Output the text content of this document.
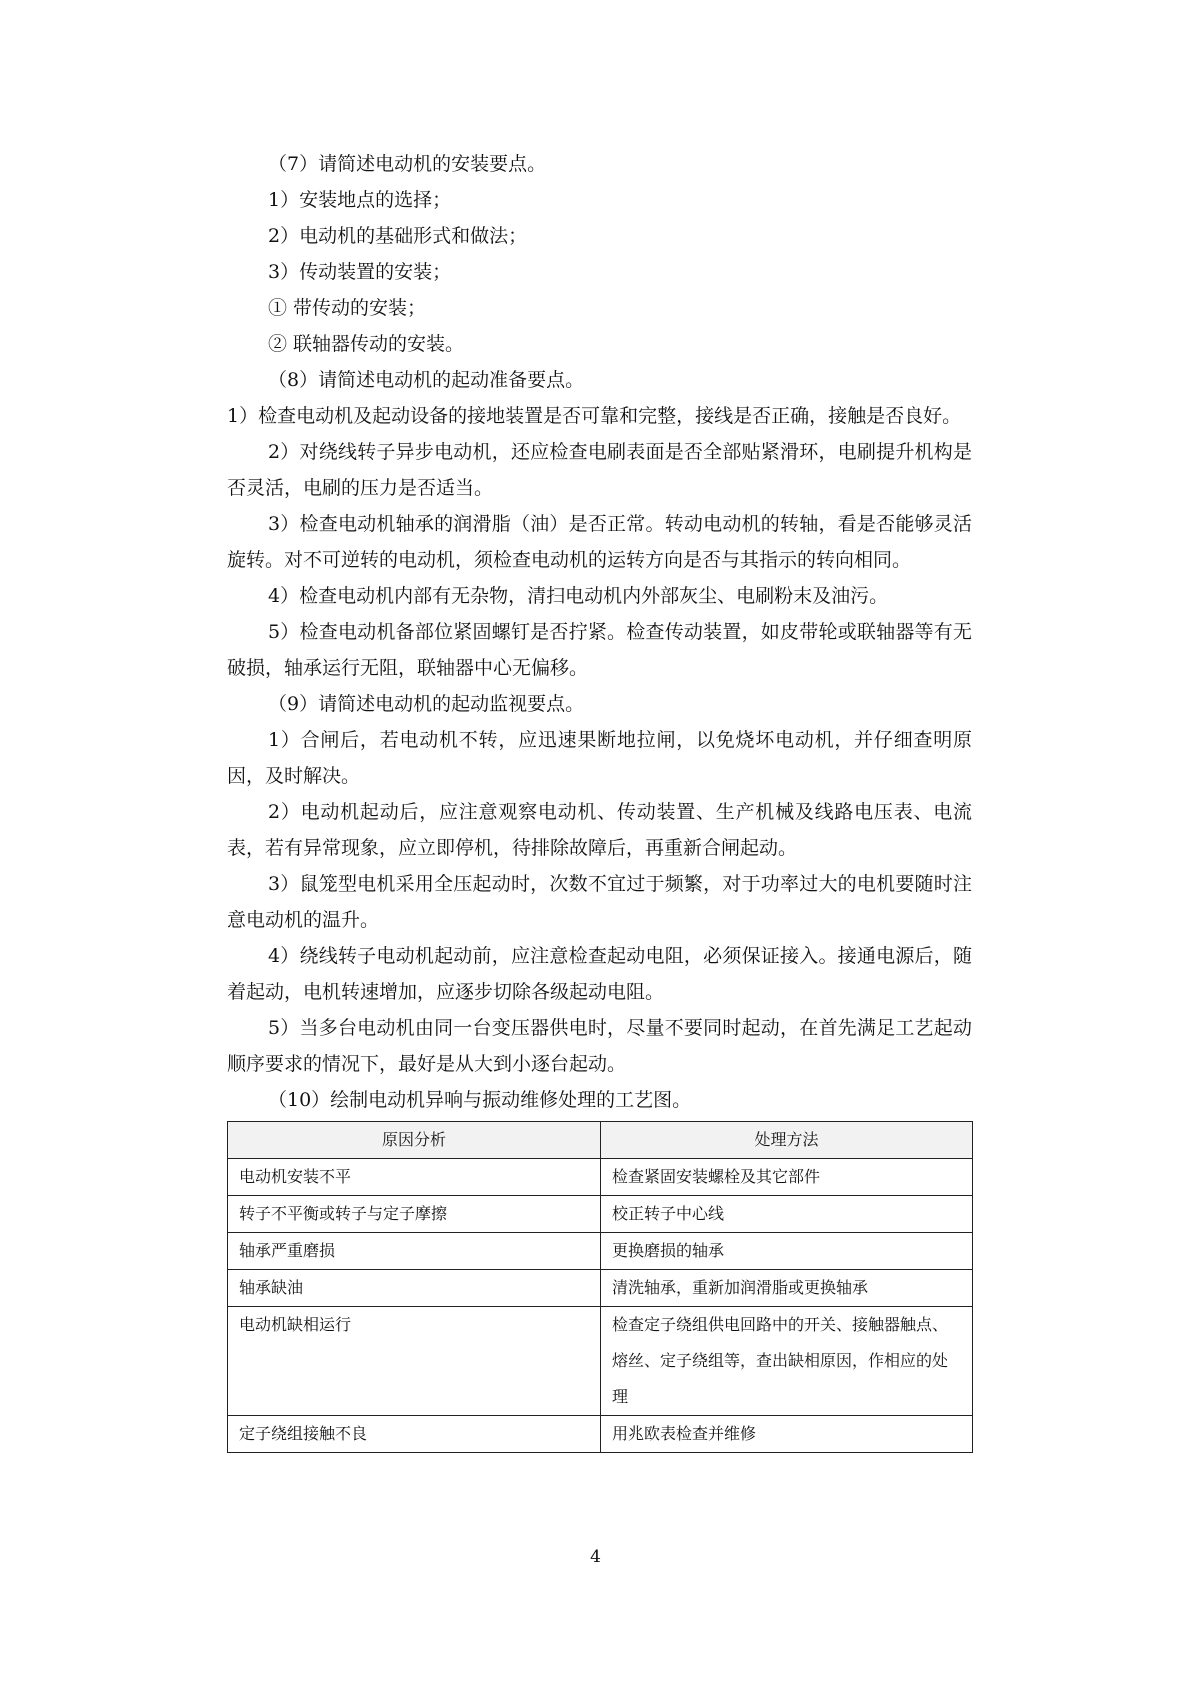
（7）请简述电动机的安装要点。

1）安装地点的选择；

2）电动机的基础形式和做法；

3）传动装置的安装；

① 带传动的安装；

② 联轴器传动的安装。

（8）请简述电动机的起动准备要点。

1）检查电动机及起动设备的接地装置是否可靠和完整，接线是否正确，接触是否良好。

2）对绕线转子异步电动机，还应检查电刷表面是否全部贴紧滑环，电刷提升机构是否灵活，电刷的压力是否适当。

3）检查电动机轴承的润滑脂（油）是否正常。转动电动机的转轴，看是否能够灵活旋转。对不可逆转的电动机，须检查电动机的运转方向是否与其指示的转向相同。

4）检查电动机内部有无杂物，清扫电动机内外部灰尘、电刷粉末及油污。

5）检查电动机备部位紧固螺钉是否拧紧。检查传动装置，如皮带轮或联轴器等有无破损，轴承运行无阻，联轴器中心无偏移。

（9）请简述电动机的起动监视要点。

1）合闸后，若电动机不转，应迅速果断地拉闸，以免烧坏电动机，并仔细查明原因，及时解决。

2）电动机起动后，应注意观察电动机、传动装置、生产机械及线路电压表、电流表，若有异常现象，应立即停机，待排除故障后，再重新合闸起动。

3）鼠笼型电机采用全压起动时，次数不宜过于频繁，对于功率过大的电机要随时注意电动机的温升。

4）绕线转子电动机起动前，应注意检查起动电阻，必须保证接入。接通电源后，随着起动，电机转速增加，应逐步切除各级起动电阻。

5）当多台电动机由同一台变压器供电时，尽量不要同时起动，在首先满足工艺起动顺序要求的情况下，最好是从大到小逐台起动。

（10）绘制电动机异响与振动维修处理的工艺图。

原因分析	处理方法
电动机安装不平	检查紧固安装螺栓及其它部件
转子不平衡或转子与定子摩擦	校正转子中心线
轴承严重磨损	更换磨损的轴承
轴承缺油	清洗轴承，重新加润滑脂或更换轴承
电动机缺相运行	检查定子绕组供电回路中的开关、接触器触点、熔丝、定子绕组等，查出缺相原因，作相应的处理
定子绕组接触不良	用兆欧表检查并维修
4
